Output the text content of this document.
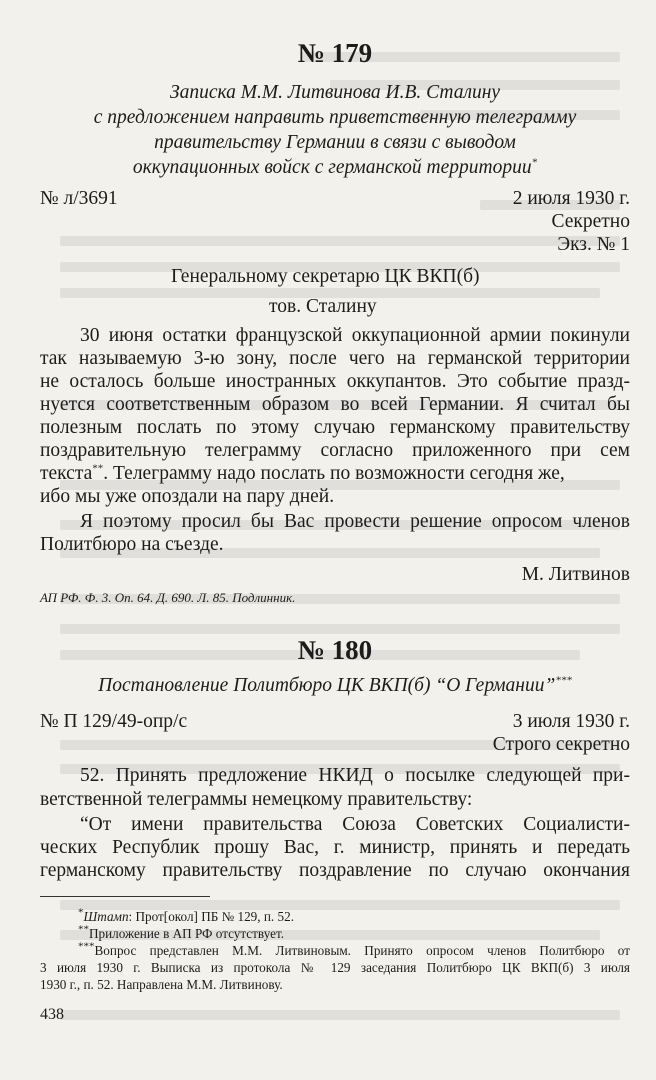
№ 179
Записка М.М. Литвинова И.В. Сталину
с предложением направить приветственную телеграмму
правительству Германии в связи с выводом
оккупационных войск с германской территории*
№ л/3691	2 июля 1930 г.
Секретно
Экз. № 1
Генеральному секретарю ЦК ВКП(б)
тов. Сталину
30 июня остатки французской оккупационной армии покинули
так называемую 3-ю зону, после чего на германской территории
не осталось больше иностранных оккупантов. Это событие празд-
нуется соответственным образом во всей Германии. Я считал бы
полезным послать по этому случаю германскому правительству
поздравительную телеграмму согласно приложенного при сем
текста**. Телеграмму надо послать по возможности сегодня же,
ибо мы уже опоздали на пару дней.
Я поэтому просил бы Вас провести решение опросом членов
Политбюро на съезде.
М. Литвинов
АП РФ. Ф. 3. Оп. 64. Д. 690. Л. 85. Подлинник.
№ 180
Постановление Политбюро ЦК ВКП(б) “О Германии”***
№ П 129/49-опр/с	3 июля 1930 г.
Строго секретно
52. Принять предложение НКИД о посылке следующей при-
ветственной телеграммы немецкому правительству:
“От имени правительства Союза Советских Социалисти-
ческих Республик прошу Вас, г. министр, принять и передать
германскому правительству поздравление по случаю окончания
*Штамп: Прот[окол] ПБ № 129, п. 52.
**Приложение в АП РФ отсутствует.
***Вопрос представлен М.М. Литвиновым. Принято опросом членов Политбюро от
3 июля 1930 г. Выписка из протокола № 129 заседания Политбюро ЦК ВКП(б) 3 июля
1930 г., п. 52. Направлена М.М. Литвинову.
438
